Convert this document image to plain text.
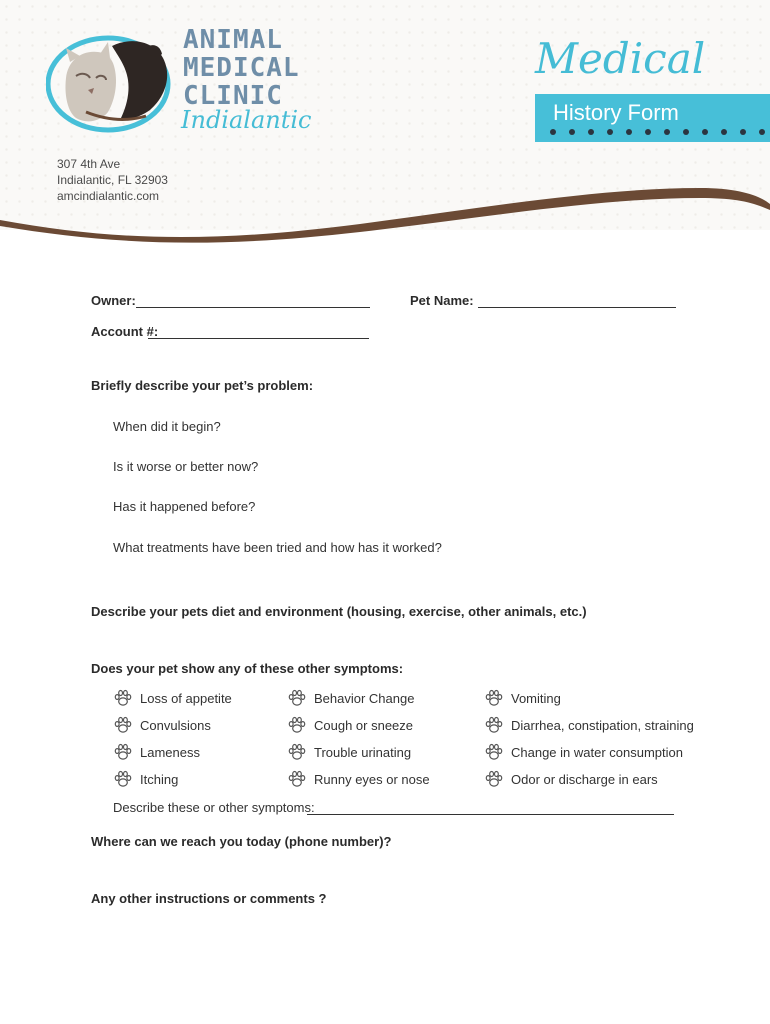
ANIMAL
MEDICAL
CLINIC
Indialantic
307 4th Ave
Indialantic, FL 32903
amcindialantic.com
Medical
History Form
Owner:	Pet Name:
Account #:
Briefly describe your pet’s problem:
When did it begin?
Is it worse or better now?
Has it happened before?
What treatments have been tried and how has it worked?
Describe your pets diet and environment (housing, exercise, other animals, etc.)
Does your pet show any of these other symptoms:
Loss of appetite
Convulsions
Lameness
Itching
Behavior Change
Cough or sneeze
Trouble urinating
Runny eyes or nose
Vomiting
Diarrhea, constipation, straining
Change in water consumption
Odor or discharge in ears
Describe these or other symptoms:
Where can we reach you today (phone number)?
Any other instructions or comments ?
